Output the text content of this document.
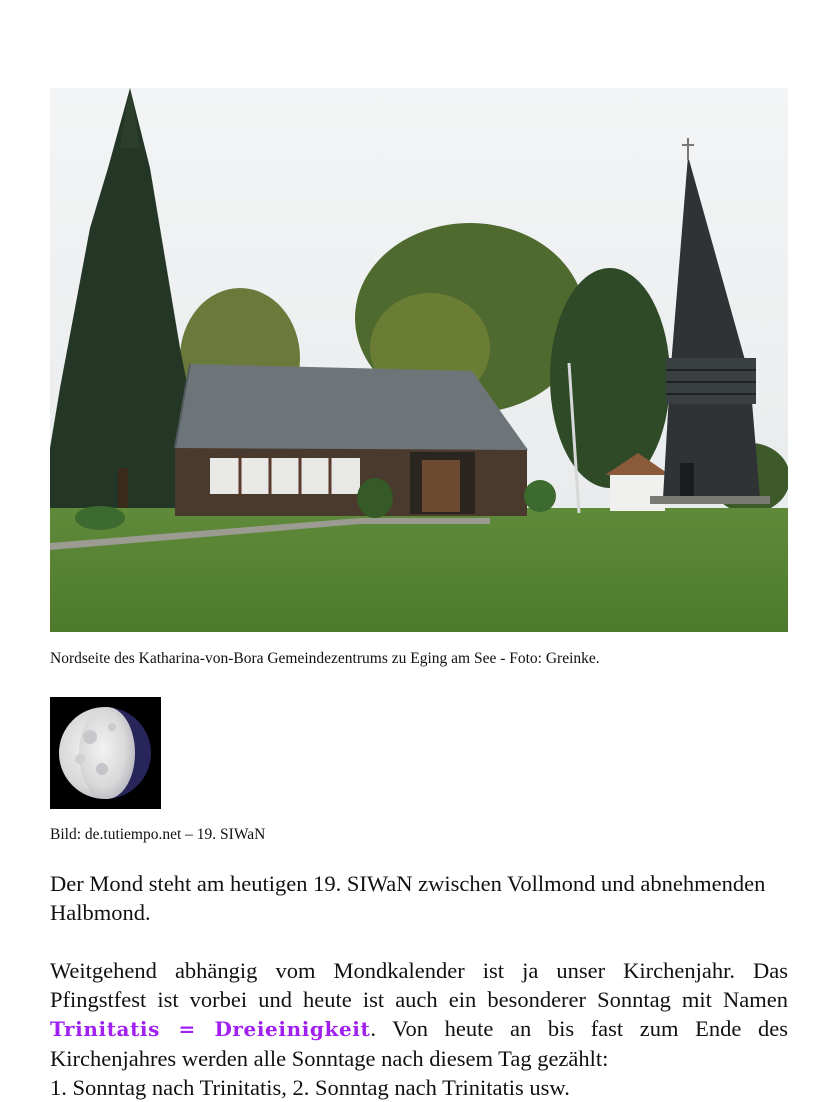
Nordseite des Katharina-von-Bora Gemeindezentrums zu Eging am See - Foto: Greinke.
Bild: de.tutiempo.net – 19. SIWaN

Der Mond steht am heutigen 19. SIWaN zwischen Vollmond und abnehmenden Halbmond.

Weitgehend abhängig vom Mondkalender ist ja unser Kirchenjahr. Das Pfingstfest ist vorbei und heute ist auch ein besonderer Sonntag mit Namen Trinitatis = Dreieinigkeit. Von heute an bis fast zum Ende des Kirchenjahres werden alle Sonntage nach diesem Tag gezählt:
1. Sonntag nach Trinitatis, 2. Sonntag nach Trinitatis usw.
